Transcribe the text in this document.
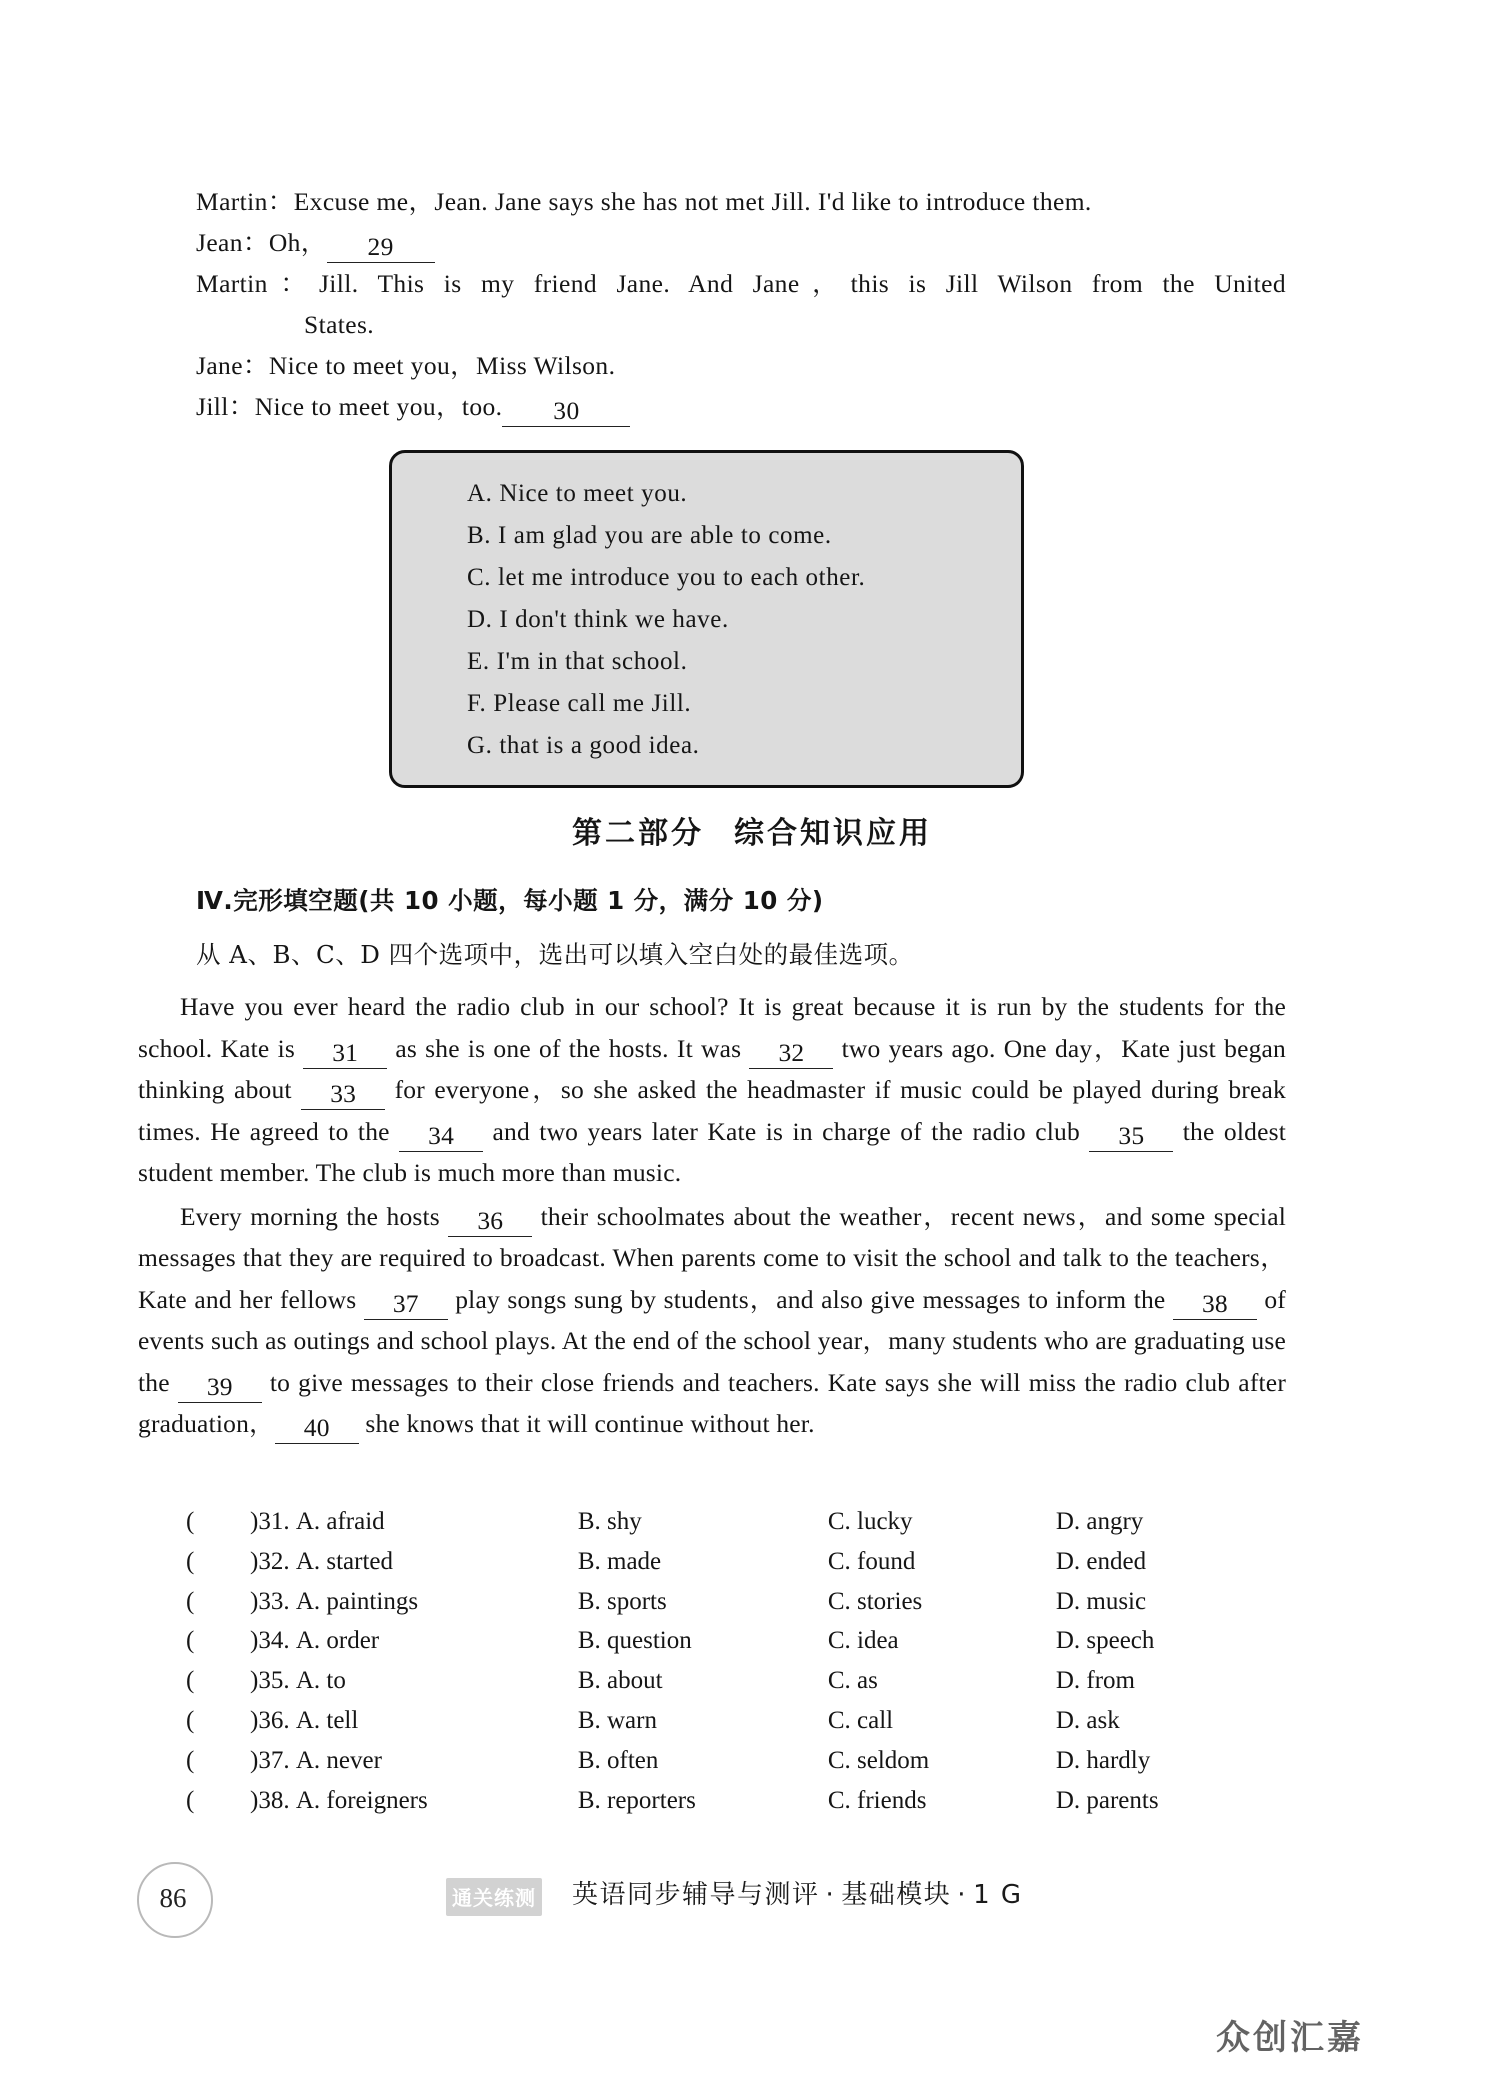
Martin：Excuse me，Jean. Jane says she has not met Jill. I'd like to introduce them.
Jean：Oh， 29
Martin：Jill. This is my friend Jane. And Jane，this is Jill Wilson from the United
States.
Jane：Nice to meet you，Miss Wilson.
Jill：Nice to meet you，too. 30
A. Nice to meet you.
B. I am glad you are able to come.
C. let me introduce you to each other.
D. I don't think we have.
E. I'm in that school.
F. Please call me Jill.
G. that is a good idea.
第二部分 综合知识应用
Ⅳ.完形填空题(共 10 小题，每小题 1 分，满分 10 分)
从 A、B、C、D 四个选项中，选出可以填入空白处的最佳选项。
Have you ever heard the radio club in our school? It is great because it is run by the students for the school. Kate is 31 as she is one of the hosts. It was 32 two years ago. One day，Kate just began thinking about 33 for everyone，so she asked the headmaster if music could be played during break times. He agreed to the 34 and two years later Kate is in charge of the radio club 35 the oldest student member. The club is much more than music.
Every morning the hosts 36 their schoolmates about the weather，recent news，and some special messages that they are required to broadcast. When parents come to visit the school and talk to the teachers，Kate and her fellows 37 play songs sung by students，and also give messages to inform the 38 of events such as outings and school plays. At the end of the school year，many students who are graduating use the 39 to give messages to their close friends and teachers. Kate says she will miss the radio club after graduation， 40 she knows that it will continue without her.
( )31. A. afraid	B. shy	C. lucky	D. angry
( )32. A. started	B. made	C. found	D. ended
( )33. A. paintings	B. sports	C. stories	D. music
( )34. A. order	B. question	C. idea	D. speech
( )35. A. to	B. about	C. as	D. from
( )36. A. tell	B. warn	C. call	D. ask
( )37. A. never	B. often	C. seldom	D. hardly
( )38. A. foreigners	B. reporters	C. friends	D. parents
86	通关练测 英语同步辅导与测评 · 基础模块 · 1 G
众创汇嘉
